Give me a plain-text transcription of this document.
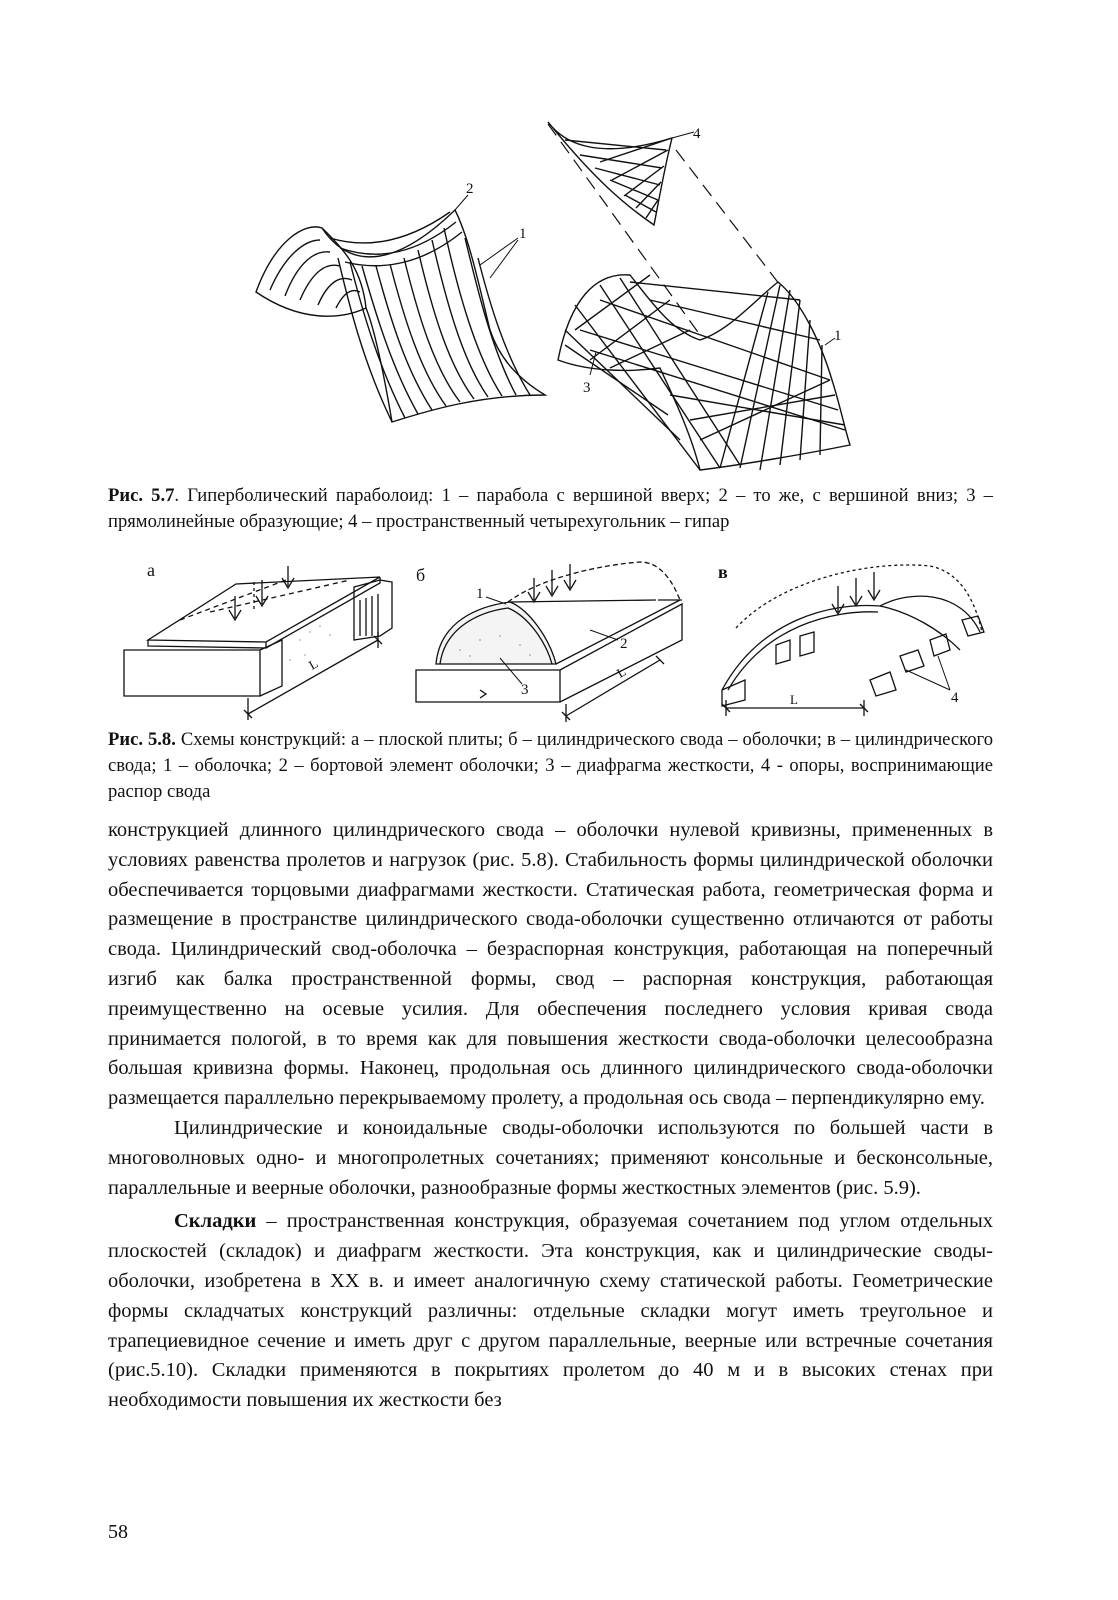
2
1
4
1
3
Рис. 5.7. Гиперболический параболоид: 1 – парабола с вершиной вверх; 2 – то же, с вершиной вниз; 3 – прямолинейные образующие; 4 – пространственный четырехугольник – гипар
а	б	в
L	L
L
1
2
3	4
Рис. 5.8. Схемы конструкций: а – плоской плиты; б – цилиндрического свода – оболочки; в – цилиндрического свода; 1 – оболочка; 2 – бортовой элемент оболочки; 3 – диафрагма жесткости, 4 - опоры, воспринимающие распор свода

конструкцией длинного цилиндрического свода – оболочки нулевой кривизны, примененных в условиях равенства пролетов и нагрузок (рис. 5.8). Стабильность формы цилиндрической оболочки обеспечивается торцовыми диафрагмами жесткости. Статическая работа, геометрическая форма и размещение в пространстве цилиндрического свода-оболочки существенно отличаются от работы свода. Цилиндрический свод-оболочка – безраспорная конструкция, работающая на поперечный изгиб как балка пространственной формы, свод – распорная конструкция, работающая преимущественно на осевые усилия. Для обеспечения последнего условия кривая свода принимается пологой, в то время как для повышения жесткости свода-оболочки целесообразна большая кривизна формы. Наконец, продольная ось длинного цилиндрического свода-оболочки размещается параллельно перекрываемому пролету, а продольная ось свода – перпендикулярно ему.

Цилиндрические и коноидальные своды-оболочки используются по большей части в многоволновых одно- и многопролетных сочетаниях; применяют консольные и бесконсольные, параллельные и веерные оболочки, разнообразные формы жесткостных элементов (рис. 5.9).

Складки – пространственная конструкция, образуемая сочетанием под углом отдельных плоскостей (складок) и диафрагм жесткости. Эта конструкция, как и цилиндрические своды-оболочки, изобретена в XX в. и имеет аналогичную схему статической работы. Геометрические формы складчатых конструкций различны: отдельные складки могут иметь треугольное и трапециевидное сечение и иметь друг с другом параллельные, веерные или встречные сочетания (рис.5.10). Складки применяются в покрытиях пролетом до 40 м и в высоких стенах при необходимости повышения их жесткости без

58
